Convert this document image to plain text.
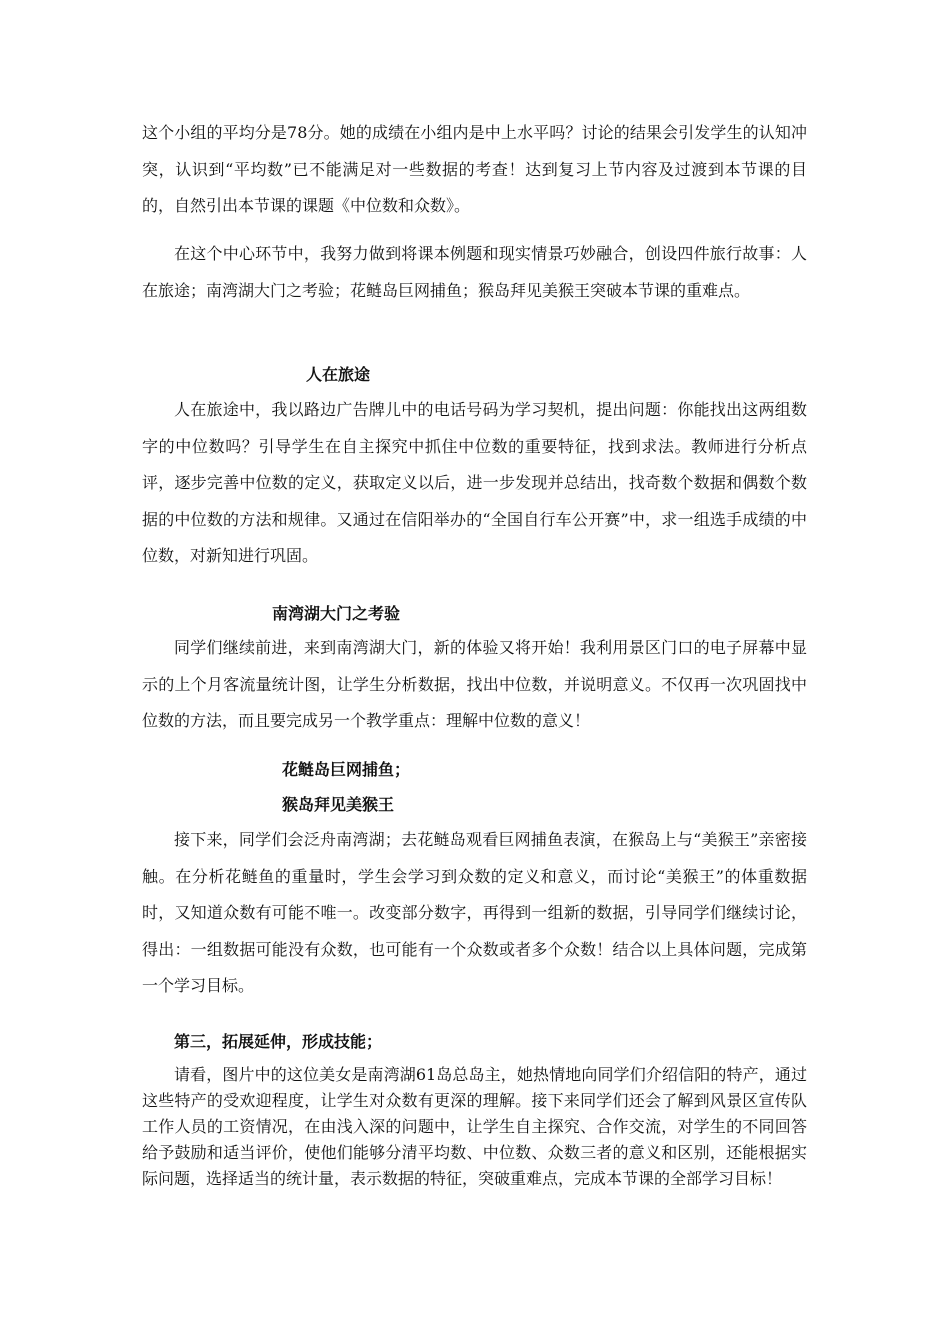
这个小组的平均分是78分。她的成绩在小组内是中上水平吗？讨论的结果会引发学生的认知冲突，认识到“平均数”已不能满足对一些数据的考查！达到复习上节内容及过渡到本节课的目的，自然引出本节课的课题《中位数和众数》。

在这个中心环节中，我努力做到将课本例题和现实情景巧妙融合，创设四件旅行故事：人在旅途；南湾湖大门之考验；花鲢岛巨网捕鱼；猴岛拜见美猴王突破本节课的重难点。

人在旅途

人在旅途中，我以路边广告牌儿中的电话号码为学习契机，提出问题：你能找出这两组数字的中位数吗？引导学生在自主探究中抓住中位数的重要特征，找到求法。教师进行分析点评，逐步完善中位数的定义，获取定义以后，进一步发现并总结出，找奇数个数据和偶数个数据的中位数的方法和规律。又通过在信阳举办的“全国自行车公开赛”中，求一组选手成绩的中位数，对新知进行巩固。

南湾湖大门之考验

同学们继续前进，来到南湾湖大门，新的体验又将开始！我利用景区门口的电子屏幕中显示的上个月客流量统计图，让学生分析数据，找出中位数，并说明意义。不仅再一次巩固找中位数的方法，而且要完成另一个教学重点：理解中位数的意义！

花鲢岛巨网捕鱼；
猴岛拜见美猴王

接下来，同学们会泛舟南湾湖；去花鲢岛观看巨网捕鱼表演，在猴岛上与“美猴王”亲密接触。在分析花鲢鱼的重量时，学生会学习到众数的定义和意义，而讨论“美猴王”的体重数据时，又知道众数有可能不唯一。改变部分数字，再得到一组新的数据，引导同学们继续讨论，得出：一组数据可能没有众数，也可能有一个众数或者多个众数！结合以上具体问题，完成第一个学习目标。

第三，拓展延伸，形成技能；

请看，图片中的这位美女是南湾湖61岛总岛主，她热情地向同学们介绍信阳的特产，通过这些特产的受欢迎程度，让学生对众数有更深的理解。接下来同学们还会了解到风景区宣传队工作人员的工资情况，在由浅入深的问题中，让学生自主探究、合作交流，对学生的不同回答给予鼓励和适当评价，使他们能够分清平均数、中位数、众数三者的意义和区别，还能根据实际问题，选择适当的统计量，表示数据的特征，突破重难点，完成本节课的全部学习目标！
